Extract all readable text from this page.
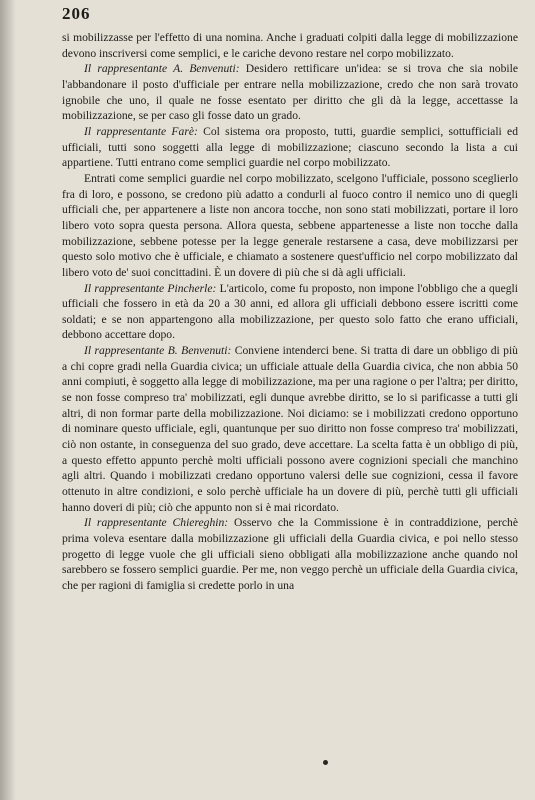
206

si mobilizzasse per l'effetto di una nomina. Anche i graduati colpiti dalla legge di mobilizzazione devono inscriversi come semplici, e le cariche devono restare nel corpo mobilizzato.

Il rappresentante A. Benvenuti: Desidero rettificare un'idea: se si trova che sia nobile l'abbandonare il posto d'ufficiale per entrare nella mobilizzazione, credo che non sarà trovato ignobile che uno, il quale ne fosse esentato per diritto che gli dà la legge, accettasse la mobilizzazione, se per caso gli fosse dato un grado.

Il rappresentante Farè: Col sistema ora proposto, tutti, guardie semplici, sottufficiali ed ufficiali, tutti sono soggetti alla legge di mobilizzazione; ciascuno secondo la lista a cui appartiene. Tutti entrano come semplici guardie nel corpo mobilizzato.

Entrati come semplici guardie nel corpo mobilizzato, scelgono l'ufficiale, possono sceglierlo fra di loro, e possono, se credono più adatto a condurli al fuoco contro il nemico uno di quegli ufficiali che, per appartenere a liste non ancora tocche, non sono stati mobilizzati, portare il loro libero voto sopra questa persona. Allora questa, sebbene appartenesse a liste non tocche dalla mobilizzazione, sebbene potesse per la legge generale restarsene a casa, deve mobilizzarsi per questo solo motivo che è ufficiale, e chiamato a sostenere quest'ufficio nel corpo mobilizzato dal libero voto de' suoi concittadini. È un dovere di più che si dà agli ufficiali.

Il rappresentante Pincherle: L'articolo, come fu proposto, non impone l'obbligo che a quegli ufficiali che fossero in età da 20 a 30 anni, ed allora gli ufficiali debbono essere iscritti come soldati; e se non appartengono alla mobilizzazione, per questo solo fatto che erano ufficiali, debbono accettare dopo.

Il rappresentante B. Benvenuti: Conviene intenderci bene. Si tratta di dare un obbligo di più a chi copre gradi nella Guardia civica; un ufficiale attuale della Guardia civica, che non abbia 50 anni compiuti, è soggetto alla legge di mobilizzazione, ma per una ragione o per l'altra; per diritto, se non fosse compreso tra' mobilizzati, egli dunque avrebbe diritto, se lo si parificasse a tutti gli altri, di non formar parte della mobilizzazione. Noi diciamo: se i mobilizzati credono opportuno di nominare questo ufficiale, egli, quantunque per suo diritto non fosse compreso tra' mobilizzati, ciò non ostante, in conseguenza del suo grado, deve accettare. La scelta fatta è un obbligo di più, a questo effetto appunto perchè molti ufficiali possono avere cognizioni speciali che manchino agli altri. Quando i mobilizzati credano opportuno valersi delle sue cognizioni, cessa il favore ottenuto in altre condizioni, e solo perchè ufficiale ha un dovere di più, perchè tutti gli ufficiali hanno doveri di più; ciò che appunto non si è mai ricordato.

Il rappresentante Chiereghin: Osservo che la Commissione è in contraddizione, perchè prima voleva esentare dalla mobilizzazione gli ufficiali della Guardia civica, e poi nello stesso progetto di legge vuole che gli ufficiali sieno obbligati alla mobilizzazione anche quando nol sarebbero se fossero semplici guardie. Per me, non veggo perchè un ufficiale della Guardia civica, che per ragioni di famiglia si credette porlo in una
